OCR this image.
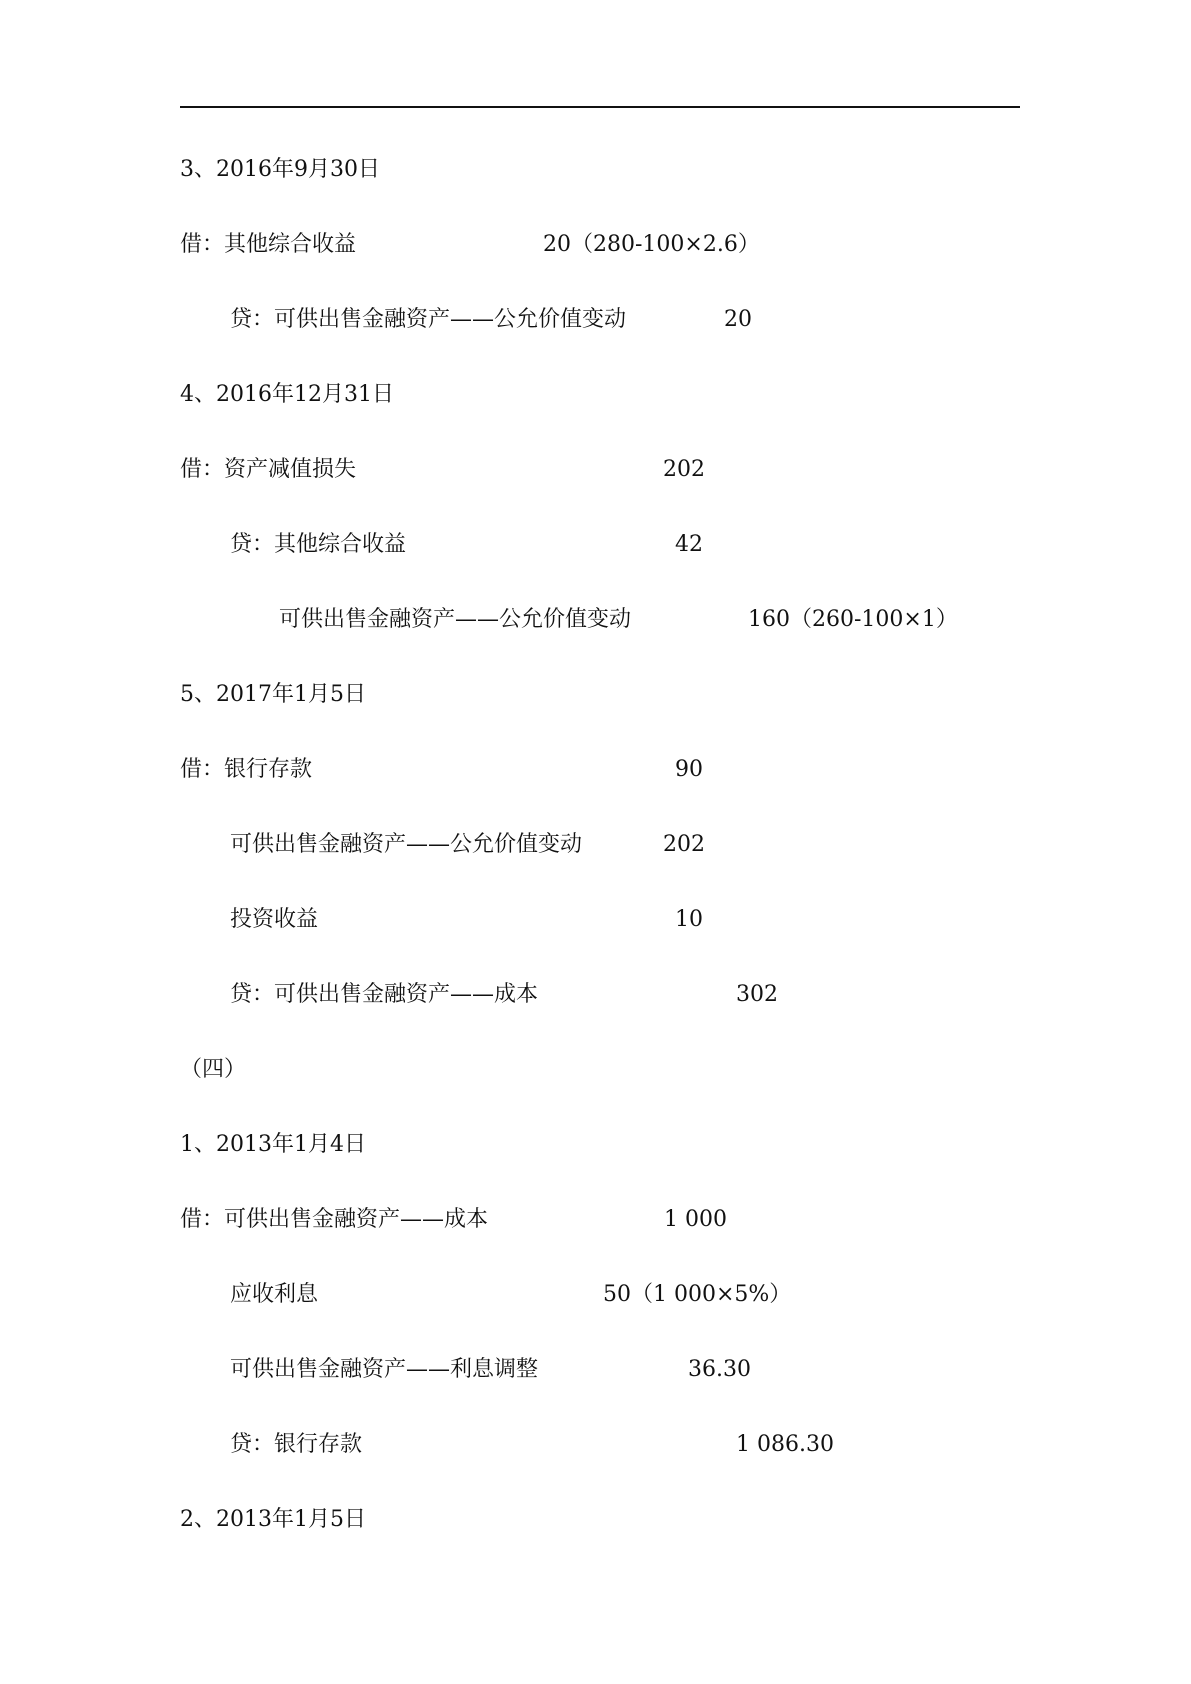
3、2016年9月30日
借：其他综合收益	20（280-100×2.6）
贷：可供出售金融资产——公允价值变动	20
4、2016年12月31日
借：资产减值损失	202
贷：其他综合收益	42
可供出售金融资产——公允价值变动	160（260-100×1）
5、2017年1月5日
借：银行存款	90
可供出售金融资产——公允价值变动	202
投资收益	10
贷：可供出售金融资产——成本	302
（四）
1、2013年1月4日
借：可供出售金融资产——成本	1 000
应收利息	50（1 000×5%）
可供出售金融资产——利息调整	36.30
贷：银行存款	1 086.30
2、2013年1月5日
